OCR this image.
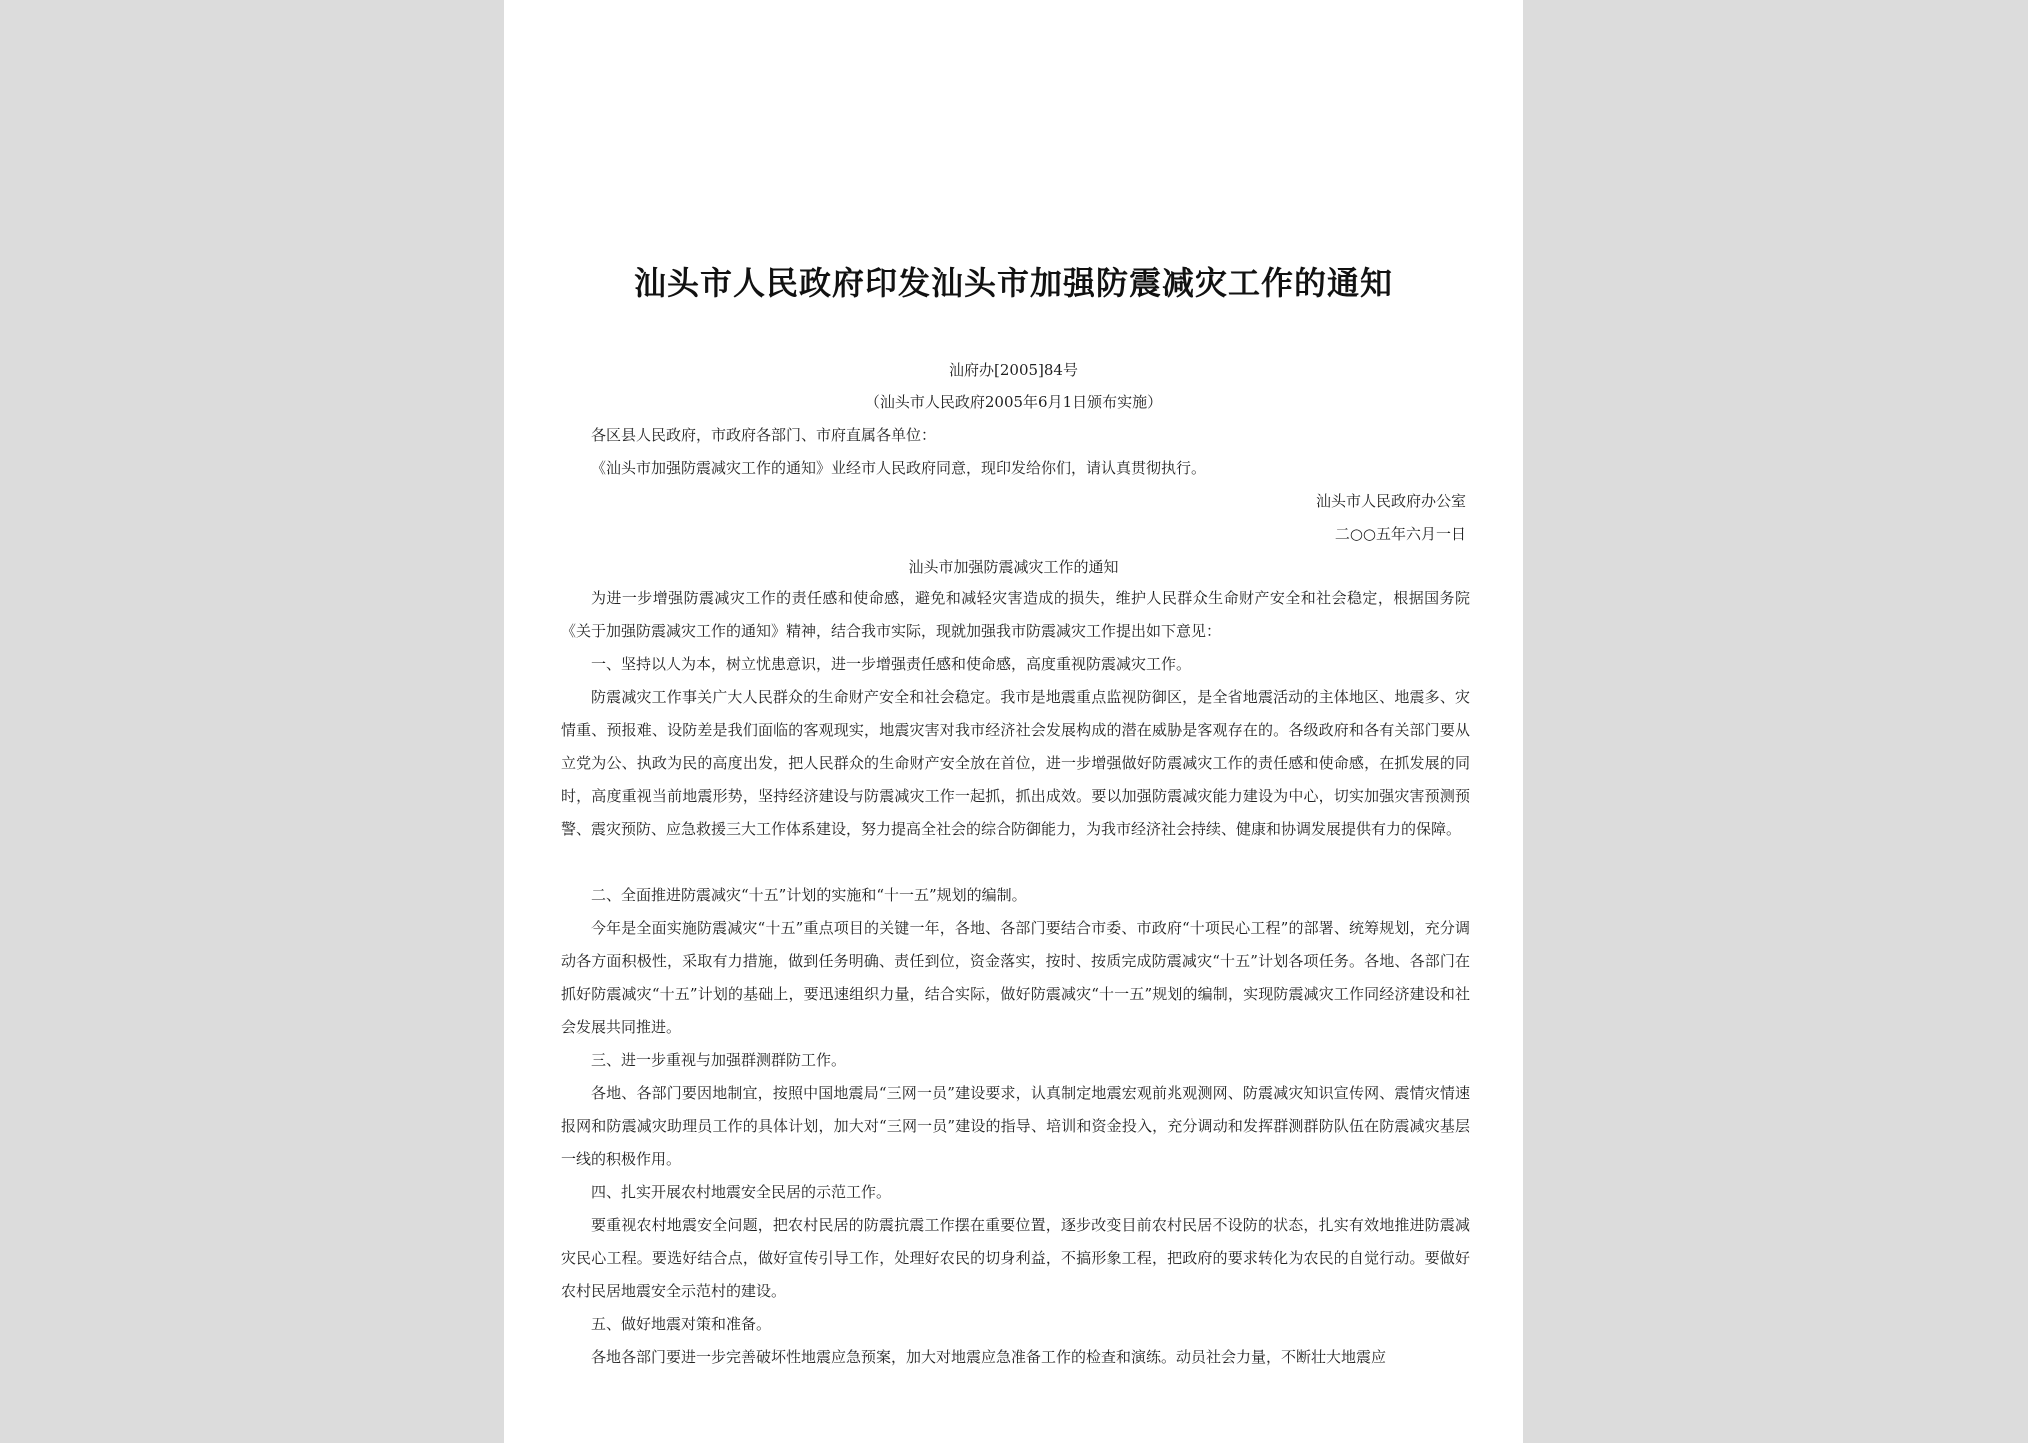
汕头市人民政府印发汕头市加强防震减灾工作的通知
汕府办[2005]84号
（汕头市人民政府2005年6月1日颁布实施）
各区县人民政府，市政府各部门、市府直属各单位：
《汕头市加强防震减灾工作的通知》业经市人民政府同意，现印发给你们，请认真贯彻执行。
汕头市人民政府办公室
二○○五年六月一日
汕头市加强防震减灾工作的通知
为进一步增强防震减灾工作的责任感和使命感，避免和减轻灾害造成的损失，维护人民群众生命财产安全和社会稳定，根据国务院《关于加强防震减灾工作的通知》精神，结合我市实际，现就加强我市防震减灾工作提出如下意见：
一、坚持以人为本，树立忧患意识，进一步增强责任感和使命感，高度重视防震减灾工作。
防震减灾工作事关广大人民群众的生命财产安全和社会稳定。我市是地震重点监视防御区，是全省地震活动的主体地区、地震多、灾情重、预报难、设防差是我们面临的客观现实，地震灾害对我市经济社会发展构成的潜在威胁是客观存在的。各级政府和各有关部门要从立党为公、执政为民的高度出发，把人民群众的生命财产安全放在首位，进一步增强做好防震减灾工作的责任感和使命感，在抓发展的同时，高度重视当前地震形势，坚持经济建设与防震减灾工作一起抓，抓出成效。要以加强防震减灾能力建设为中心，切实加强灾害预测预警、震灾预防、应急救援三大工作体系建设，努力提高全社会的综合防御能力，为我市经济社会持续、健康和协调发展提供有力的保障。
二、全面推进防震减灾“十五”计划的实施和“十一五”规划的编制。
今年是全面实施防震减灾“十五”重点项目的关键一年，各地、各部门要结合市委、市政府“十项民心工程”的部署、统筹规划，充分调动各方面积极性，采取有力措施，做到任务明确、责任到位，资金落实，按时、按质完成防震减灾“十五”计划各项任务。各地、各部门在抓好防震减灾“十五”计划的基础上，要迅速组织力量，结合实际，做好防震减灾“十一五”规划的编制，实现防震减灾工作同经济建设和社会发展共同推进。
三、进一步重视与加强群测群防工作。
各地、各部门要因地制宜，按照中国地震局“三网一员”建设要求，认真制定地震宏观前兆观测网、防震减灾知识宣传网、震情灾情速报网和防震减灾助理员工作的具体计划，加大对“三网一员”建设的指导、培训和资金投入，充分调动和发挥群测群防队伍在防震减灾基层一线的积极作用。
四、扎实开展农村地震安全民居的示范工作。
要重视农村地震安全问题，把农村民居的防震抗震工作摆在重要位置，逐步改变目前农村民居不设防的状态，扎实有效地推进防震减灾民心工程。要选好结合点，做好宣传引导工作，处理好农民的切身利益，不搞形象工程，把政府的要求转化为农民的自觉行动。要做好农村民居地震安全示范村的建设。
五、做好地震对策和准备。
各地各部门要进一步完善破坏性地震应急预案，加大对地震应急准备工作的检查和演练。动员社会力量，不断壮大地震应
